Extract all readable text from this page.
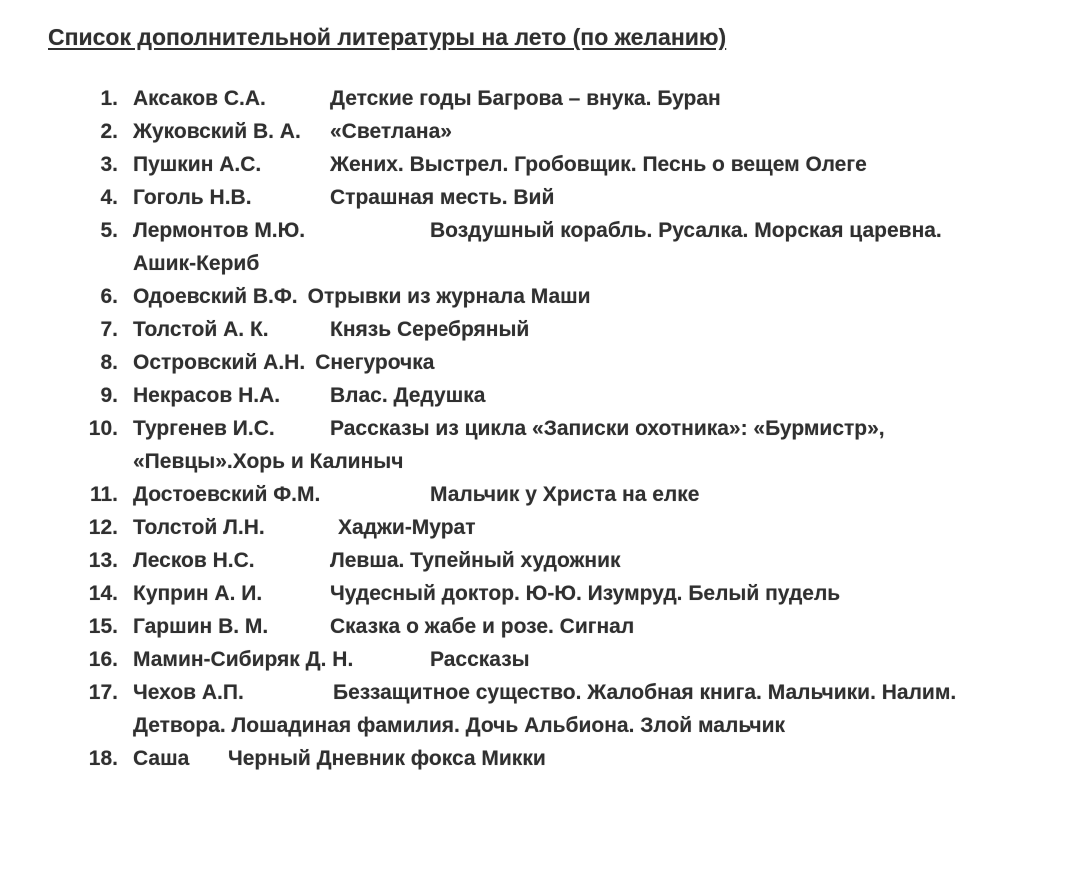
Список дополнительной литературы на лето (по желанию)
1. Аксаков С.А.	Детские годы Багрова – внука. Буран
2. Жуковский В. А. «Светлана»
3. Пушкин А.С.	Жених. Выстрел. Гробовщик. Песнь о вещем Олеге
4. Гоголь Н.В.	Страшная месть. Вий
5. Лермонтов М.Ю.	Воздушный корабль. Русалка. Морская царевна. Ашик-Кериб
6. Одоевский В.Ф. Отрывки из журнала Маши
7. Толстой А. К.	Князь Серебряный
8. Островский А.Н. Снегурочка
9. Некрасов Н.А. Влас. Дедушка
10. Тургенев И.С.	Рассказы из цикла «Записки охотника»: «Бурмистр», «Певцы».Хорь и Калиныч
11. Достоевский Ф.М.	Мальчик у Христа на елке
12. Толстой Л.Н.	Хаджи-Мурат
13. Лесков Н.С.	Левша. Тупейный художник
14. Куприн А. И.	Чудесный доктор. Ю-Ю. Изумруд. Белый пудель
15. Гаршин В. М.	Сказка о жабе и розе. Сигнал
16. Мамин-Сибиряк Д. Н.	Рассказы
17. Чехов А.П.	Беззащитное существо. Жалобная книга. Мальчики. Налим. Детвора. Лошадиная фамилия. Дочь Альбиона. Злой мальчик
18. Саша Черный Дневник фокса Микки
